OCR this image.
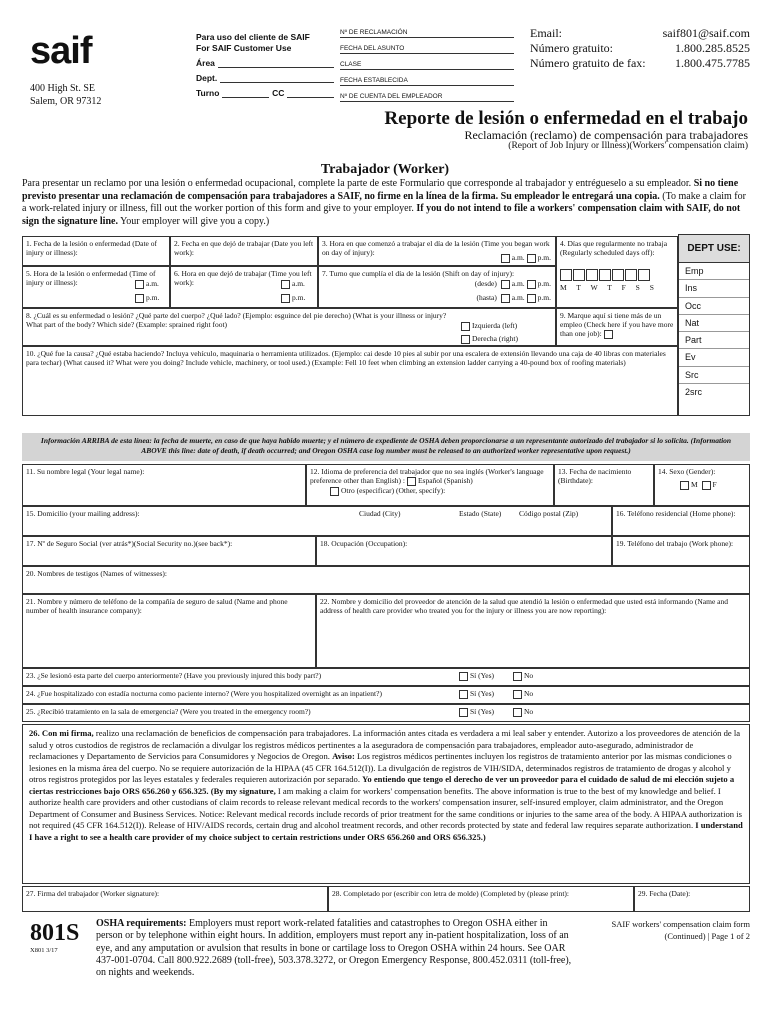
saif
400 High St. SE
Salem, OR 97312
Para uso del cliente de SAIF
For SAIF Customer Use
Área
Dept.
Turno	CC
Nº DE RECLAMACIÓN
FECHA DEL ASUNTO
CLASE
FECHA ESTABLECIDA
Nº DE CUENTA DEL EMPLEADOR
Email:	saif801@saif.com
Número gratuito:	1.800.285.8525
Número gratuito de fax: 1.800.475.7785
Reporte de lesión o enfermedad en el trabajo
Reclamación (reclamo) de compensación para trabajadores
(Report of Job Injury or Illness)(Workers' compensation claim)
Trabajador (Worker)
Para presentar un reclamo por una lesión o enfermedad ocupacional, complete la parte de este Formulario que corresponde al trabajador y entrégueselo a su empleador. Si no tiene previsto presentar una reclamación de compensación para trabajadores a SAIF, no firme en la línea de la firma. Su empleador le entregará una copia. (To make a claim for a work-related injury or illness, fill out the worker portion of this form and give to your employer. If you do not intend to file a workers' compensation claim with SAIF, do not sign the signature line. Your employer will give you a copy.)
1. Fecha de la lesión o enfermedad (Date of injury or illness):
2. Fecha en que dejó de trabajar (Date you left work):
3. Hora en que comenzó a trabajar el día de la lesión (Time you began work on day of injury):
a.m. p.m.
4. Días que regularmente no trabaja (Regularly scheduled days off):
M T W T F S S
5. Hora de la lesión o enfermedad (Time of injury or illness):	a.m.
p.m.
6. Hora en que dejó de trabajar (Time you left work):	a.m.
p.m.
7. Turno que cumplía el día de la lesión (Shift on day of injury):
(desde) a.m. p.m.
(hasta) a.m. p.m.
8. ¿Cuál es su enfermedad o lesión? ¿Qué parte del cuerpo? ¿Qué lado? (Ejemplo: esguince del pie derecho) (What is your illness or injury? What part of the body? Which side? (Example: sprained right foot)	Izquierda (left)
Derecha (right)
9. Marque aquí si tiene más de un empleo (Check here if you have more than one job):
10. ¿Qué fue la causa? ¿Qué estaba haciendo? Incluya vehículo, maquinaria o herramienta utilizados. (Ejemplo: cai desde 10 pies al subir por una escalera de extensión llevando una caja de 40 libras con materiales para techar) (What caused it? What were you doing? Include vehicle, machinery, or tool used.) (Example: Fell 10 feet when climbing an extension ladder carrying a 40-pound box of roofing materials)
DEPT USE:
Emp
Ins
Occ
Nat
Part
Ev
Src
2src
Información ARRIBA de esta línea: la fecha de muerte, en caso de que haya habido muerte; y el número de expediente de OSHA deben proporcionarse a un representante autorizado del trabajador si lo solicita. (Information ABOVE this line: date of death, if death occurred; and Oregon OSHA case log number must be released to an authorized worker representative upon request.)
11. Su nombre legal (Your legal name):	12. Idioma de preferencia del trabajador que no sea inglés (Worker's language preference other than English) : Español (Spanish)
Otro (especificar) (Other, specify):
13. Fecha de nacimiento (Birthdate):
14. Sexo (Gender):
M F
15. Domicilio (your mailing address):	Ciudad (City)	Estado (State) Código postal (Zip)	16. Teléfono residencial (Home phone):
17. Nº de Seguro Social (ver atrás*)(Social Security no.)(see back*):	18. Ocupación (Occupation):	19. Teléfono del trabajo (Work phone):
20. Nombres de testigos (Names of witnesses):
21. Nombre y número de teléfono de la compañía de seguro de salud (Name and phone number of health insurance company):
22. Nombre y domicilio del proveedor de atención de la salud que atendió la lesión o enfermedad que usted está informando (Name and address of health care provider who treated you for the injury or illness you are now reporting):
23. ¿Se lesionó esta parte del cuerpo anteriormente? (Have you previously injured this body part?)	Sí (Yes)	No
24. ¿Fue hospitalizado con estadía nocturna como paciente interno? (Were you hospitalized overnight as an inpatient?)	Sí (Yes)	No
25. ¿Recibió tratamiento en la sala de emergencia? (Were you treated in the emergency room?)	Sí (Yes)	No
26. Con mi firma, realizo una reclamación de beneficios de compensación para trabajadores. La información antes citada es verdadera a mi leal saber y entender. Autorizo a los proveedores de atención de la salud y otros custodios de registros de reclamación a divulgar los registros médicos pertinentes a la aseguradora de compensación para trabajadores, empleador auto-asegurado, administrador de reclamaciones y Departamento de Servicios para Consumidores y Negocios de Oregon. Aviso: Los registros médicos pertinentes incluyen los registros de tratamiento anterior por las mismas condiciones o lesiones en la misma área del cuerpo. No se requiere autorización de la HIPAA (45 CFR 164.512(I)). La divulgación de registros de VIH/SIDA, determinados registros de tratamiento de drogas y alcohol y otros registros protegidos por las leyes estatales y federales requieren autorización por separado. Yo entiendo que tengo el derecho de ver un proveedor para el cuidado de salud de mi elección sujeto a ciertas restricciones bajo ORS 656.260 y 656.325. (By my signature, I am making a claim for workers' compensation benefits. The above information is true to the best of my knowledge and belief. I authorize health care providers and other custodians of claim records to release relevant medical records to the workers' compensation insurer, self-insured employer, claim administrator, and the Oregon Department of Consumer and Business Services. Notice: Relevant medical records include records of prior treatment for the same conditions or injuries to the same area of the body. A HIPAA authorization is not required (45 CFR 164.512(I)). Release of HIV/AIDS records, certain drug and alcohol treatment records, and other records protected by state and federal law requires separate authorization. I understand I have a right to see a health care provider of my choice subject to certain restrictions under ORS 656.260 and ORS 656.325.)
27. Firma del trabajador (Worker signature):	28. Completado por (escribir con letra de molde) (Completed by (please print):	29. Fecha (Date):
801S
X801 3/17
OSHA requirements: Employers must report work-related fatalities and catastrophes to Oregon OSHA either in person or by telephone within eight hours. In addition, employers must report any in-patient hospitalization, loss of an eye, and any amputation or avulsion that results in bone or cartilage loss to Oregon OSHA within 24 hours. See OAR 437-001-0704. Call 800.922.2689 (toll-free), 503.378.3272, or Oregon Emergency Response, 800.452.0311 (toll-free), on nights and weekends.
SAIF workers' compensation claim form
(Continued) | Page 1 of 2
